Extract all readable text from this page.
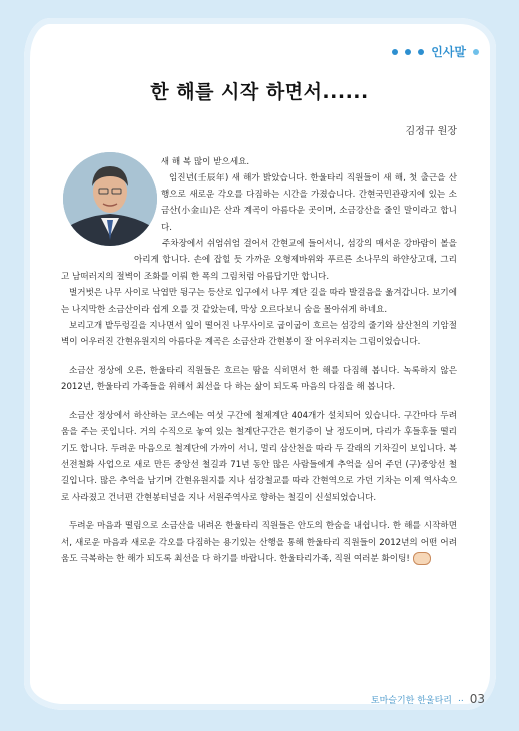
인사말
한 해를 시작 하면서......
김정규 원장

새 해 복 많이 받으세요.

임진년(壬辰年) 새 해가 밝았습니다. 한울타리 직원들이 새 해, 첫 출근을 산행으로 새로운 각오를 다짐하는 시간을 가졌습니다. 간현국민관광지에 있는 소금산(小金山)은 산과 계곡이 아름다운 곳이며, 소금강산을 줄인 말이라고 합니다.

주차장에서 쉬엄쉬엄 걸어서 간현교에 들어서니, 섬강의 매서운 강바람이 볼을 아리게 합니다. 손에 잡힐 듯 가까운 오형제바위와 푸르른 소나무의 하얀상고대, 그리고 남떠러지의 절벽이 조화를 이뤄 한 폭의 그림처럼 아름답기만 합니다.

벌거벗은 나무 사이로 낙엽만 뒹구는 등산로 입구에서 나무 계단 길을 따라 발걸음을 옮겨갑니다. 보기에는 나지막한 소금산이라 쉽게 오를 것 같았는데, 막상 오르다보니 숨을 몰아쉬게 하네요.

보리고개 밭두렁길을 지나면서 잎이 떨어진 나무사이로 굽이굽이 흐르는 섬강의 줄기와 삼산천의 기암절벽이 어우러진 간현유원지의 아름다운 계곡은 소금산과 간현봉이 잘 어우러지는 그림이었습니다.

소금산 정상에 오른, 한울타리 직원들은 흐르는 땀을 식히면서 한 해를 다짐해 봅니다. 녹록하지 않은 2012년, 한울타리 가족들을 위해서 최선을 다 하는 삶이 되도록 마음의 다짐을 해 봅니다.

소금산 정상에서 하산하는 코스에는 여섯 구간에 철제계단 404개가 설치되어 있습니다. 구간마다 두려움을 주는 곳입니다. 거의 수직으로 놓여 있는 철계단구간은 현기증이 날 정도이며, 다리가 후들후들 떨리기도 합니다. 두려운 마음으로 철계단에 가까이 서니, 멀리 삼산천을 따라 두 갈래의 기차길이 보입니다. 복선전철화 사업으로 새로 만든 중앙선 철길과 71년 동안 많은 사람들에게 추억을 심어 주던 (구)중앙선 철길입니다. 많은 추억을 남기며 간현유원지를 지나 섬강철교를 따라 간현역으로 가던 기차는 이제 역사속으로 사라졌고 건너편 간현봉터널을 지나 서원주역사로 향하는 철길이 신설되었습니다.

두려운 마음과 떨림으로 소금산을 내려온 한울타리 직원들은 안도의 한숨을 내쉽니다. 한 해를 시작하면서, 새로운 마음과 새로운 각오를 다짐하는 용기있는 산행을 통해 한울타리 직원들이 2012년의 어떤 어려움도 극복하는 한 해가 되도록 최선을 다 하기를 바랍니다. 한울타리가족, 직원 여러분 화이팅!

토마슬기한 한울타리 .. 03
